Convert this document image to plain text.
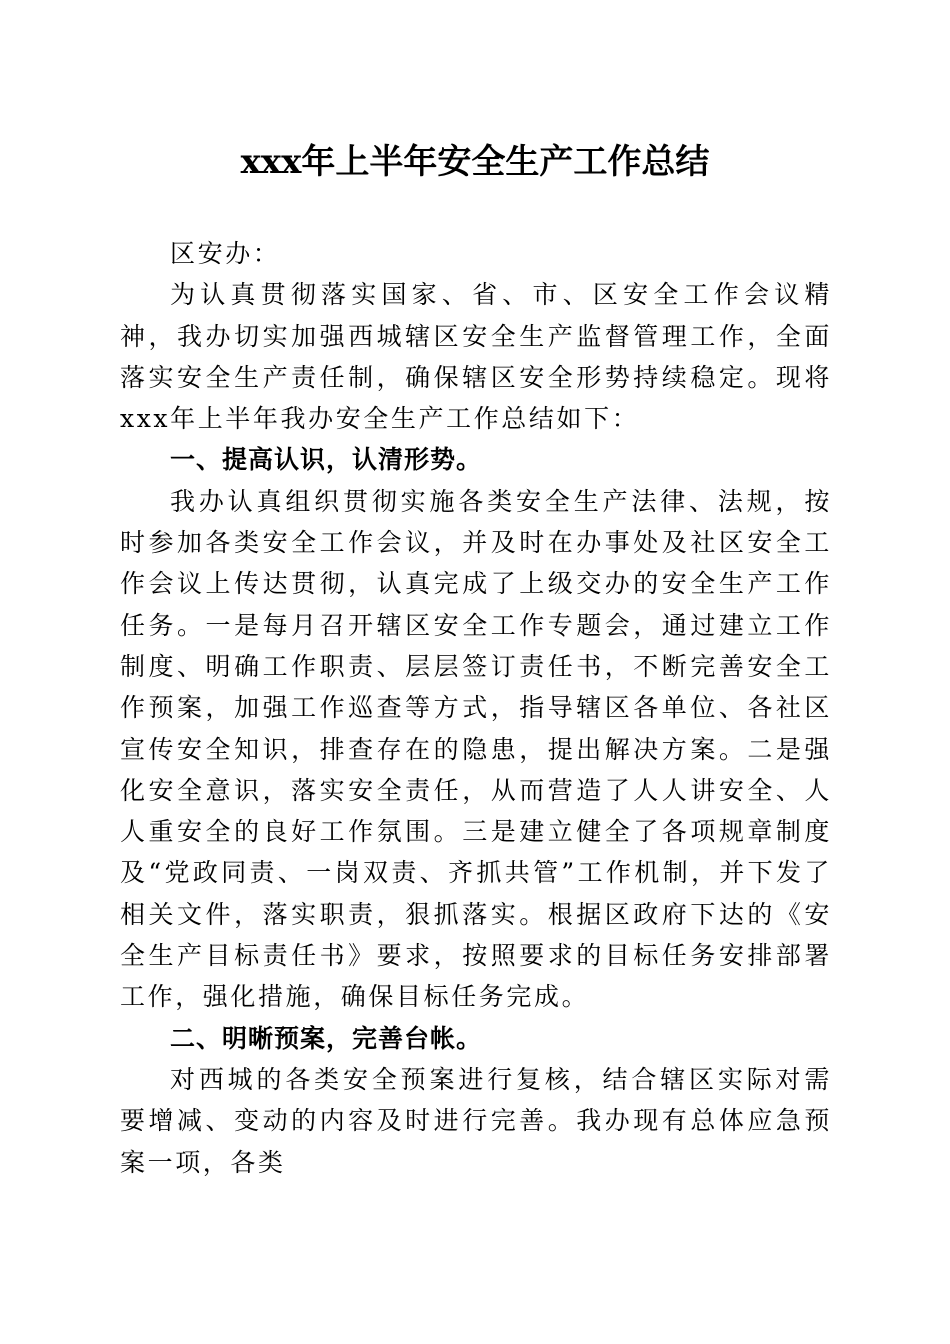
xxx年上半年安全生产工作总结

区安办：

为认真贯彻落实国家、省、市、区安全工作会议精神，我办切实加强西城辖区安全生产监督管理工作，全面落实安全生产责任制，确保辖区安全形势持续稳定。现将xxx年上半年我办安全生产工作总结如下：

一、提高认识，认清形势。

我办认真组织贯彻实施各类安全生产法律、法规，按时参加各类安全工作会议，并及时在办事处及社区安全工作会议上传达贯彻，认真完成了上级交办的安全生产工作任务。一是每月召开辖区安全工作专题会，通过建立工作制度、明确工作职责、层层签订责任书，不断完善安全工作预案，加强工作巡查等方式，指导辖区各单位、各社区宣传安全知识，排查存在的隐患，提出解决方案。二是强化安全意识，落实安全责任，从而营造了人人讲安全、人人重安全的良好工作氛围。三是建立健全了各项规章制度及“党政同责、一岗双责、齐抓共管”工作机制，并下发了相关文件，落实职责，狠抓落实。根据区政府下达的《安全生产目标责任书》要求，按照要求的目标任务安排部署工作，强化措施，确保目标任务完成。

二、明晰预案，完善台帐。

对西城的各类安全预案进行复核，结合辖区实际对需要增减、变动的内容及时进行完善。我办现有总体应急预案一项，各类
